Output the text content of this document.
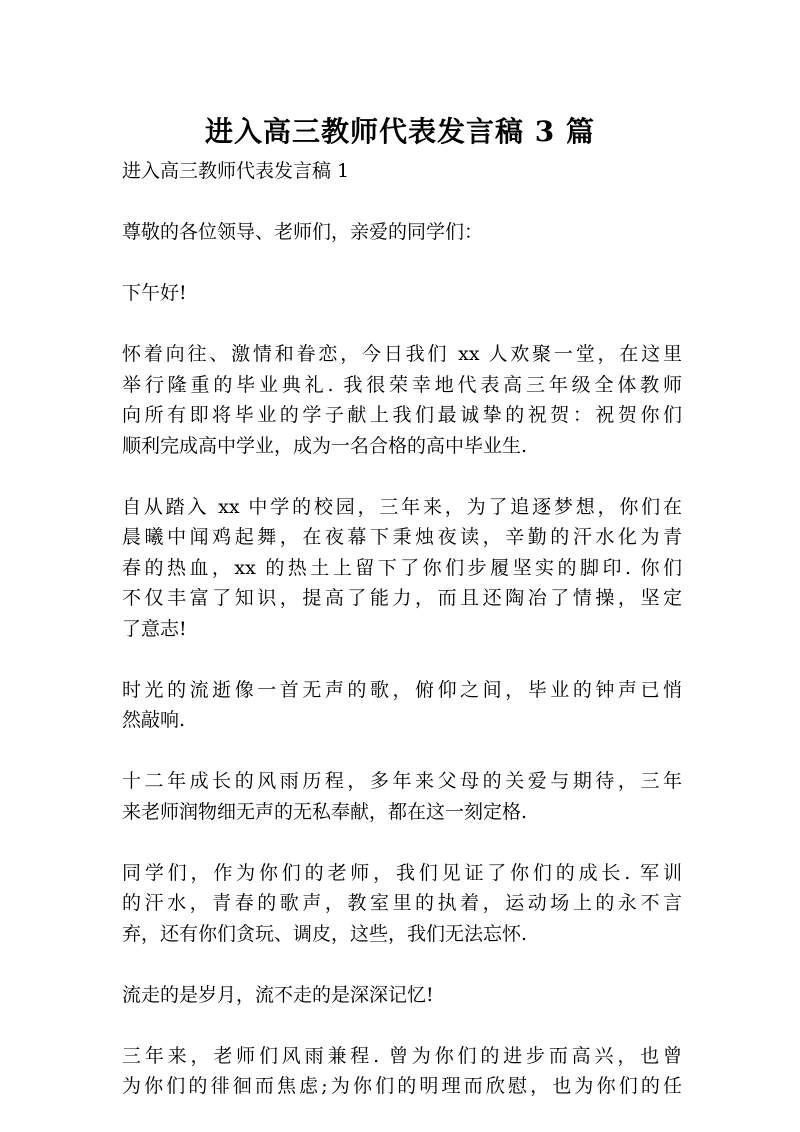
进入高三教师代表发言稿 3 篇
进入高三教师代表发言稿 1
尊敬的各位领导、老师们，亲爱的同学们：
下午好!
怀着向往、激情和眷恋，今日我们 xx 人欢聚一堂，在这里
举行隆重的毕业典礼. 我很荣幸地代表高三年级全体教师
向所有即将毕业的学子献上我们最诚挚的祝贺：祝贺你们
顺利完成高中学业，成为一名合格的高中毕业生.
自从踏入 xx 中学的校园，三年来，为了追逐梦想，你们在
晨曦中闻鸡起舞，在夜幕下秉烛夜读，辛勤的汗水化为青
春的热血，xx 的热土上留下了你们步履坚实的脚印. 你们
不仅丰富了知识，提高了能力，而且还陶冶了情操，坚定
了意志!
时光的流逝像一首无声的歌，俯仰之间，毕业的钟声已悄
然敲响.
十二年成长的风雨历程，多年来父母的关爱与期待，三年
来老师润物细无声的无私奉献，都在这一刻定格.
同学们，作为你们的老师，我们见证了你们的成长. 军训
的汗水，青春的歌声，教室里的执着，运动场上的永不言
弃，还有你们贪玩、调皮，这些，我们无法忘怀.
流走的是岁月，流不走的是深深记忆!
三年来，老师们风雨兼程. 曾为你们的进步而高兴，也曾
为你们的徘徊而焦虑;为你们的明理而欣慰，也为你们的任
